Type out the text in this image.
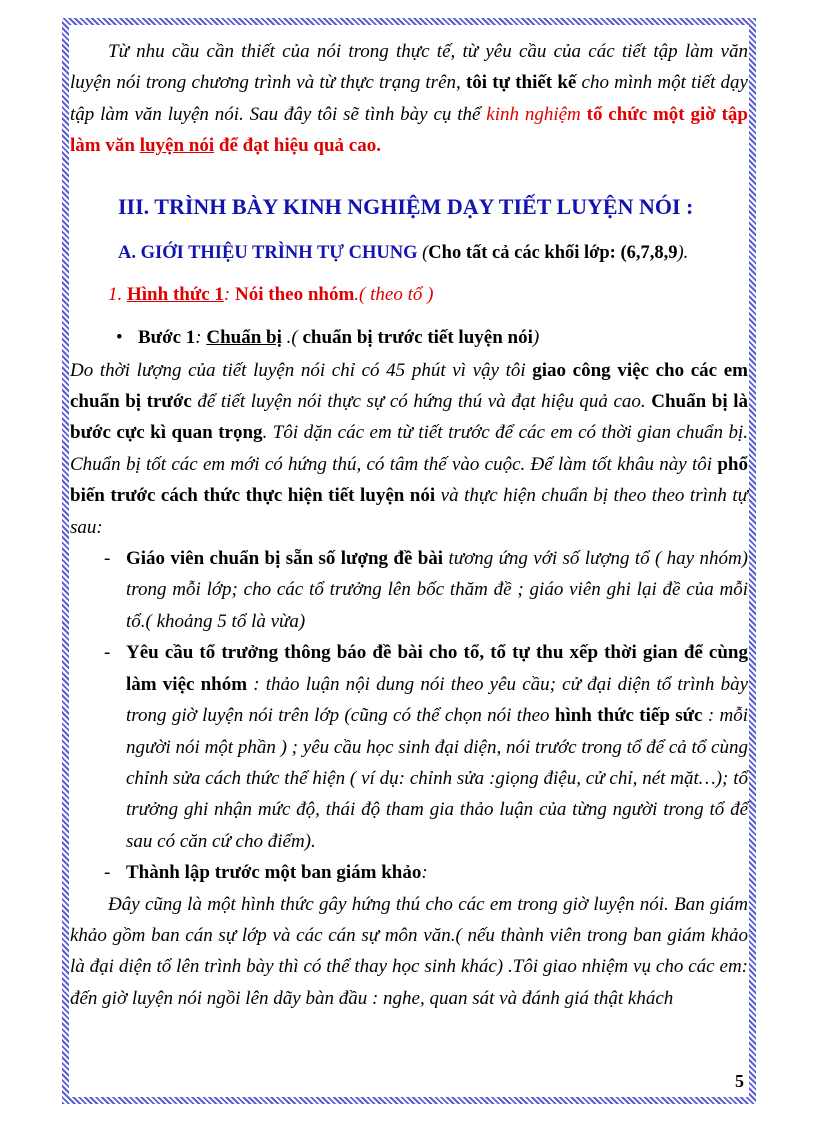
Từ nhu cầu cần thiết của nói trong thực tế, từ yêu cầu của các tiết tập làm văn luyện nói trong chương trình và từ thực trạng trên, tôi tự thiết kế cho mình một tiết dạy tập làm văn luyện nói. Sau đây tôi sẽ tình bày cụ thể kinh nghiệm tổ chức một giờ tập làm văn luyện nói để đạt hiệu quả cao.

III. TRÌNH BÀY KINH NGHIỆM DẠY TIẾT LUYỆN NÓI :
A. GIỚI THIỆU TRÌNH TỰ CHUNG (Cho tất cả các khối lớp: (6,7,8,9).
1. Hình thức 1: Nói theo nhóm.( theo tổ )
• Bước 1: Chuẩn bị .( chuẩn bị trước tiết luyện nói)

Do thời lượng của tiết luyện nói chỉ có 45 phút vì vậy tôi giao công việc cho các em chuẩn bị trước để tiết luyện nói thực sự có hứng thú và đạt hiệu quả cao. Chuẩn bị là bước cực kì quan trọng. Tôi dặn các em từ tiết trước để các em có thời gian chuẩn bị. Chuẩn bị tốt các em mới có hứng thú, có tâm thế vào cuộc. Để làm tốt khâu này tôi phổ biến trước cách thức thực hiện tiết luyện nói và thực hiện chuẩn bị theo theo trình tự sau:

- Giáo viên chuẩn bị sẵn số lượng đề bài tương ứng với số lượng tổ ( hay nhóm) trong mỗi lớp; cho các tổ trưởng lên bốc thăm đề ; giáo viên ghi lại đề của mỗi tổ.( khoảng 5 tổ là vừa)

- Yêu cầu tổ trưởng thông báo đề bài cho tổ, tổ tự thu xếp thời gian để cùng làm việc nhóm : thảo luận nội dung nói theo yêu cầu; cử đại diện tổ trình bày trong giờ luyện nói trên lớp (cũng có thể chọn nói theo hình thức tiếp sức : mỗi người nói một phần ) ; yêu cầu học sinh đại diện, nói trước trong tổ để cả tổ cùng chỉnh sửa cách thức thể hiện ( ví dụ: chỉnh sửa :giọng điệu, cử chỉ, nét mặt…); tổ trưởng ghi nhận mức độ, thái độ tham gia thảo luận của từng người trong tổ để sau có căn cứ cho điểm).

- Thành lập trước một ban giám khảo:

Đây cũng là một hình thức gây hứng thú cho các em trong giờ luyện nói. Ban giám khảo gồm ban cán sự lớp và các cán sự môn văn.( nếu thành viên trong ban giám khảo là đại diện tổ lên trình bày thì có thể thay học sinh khác) .Tôi giao nhiệm vụ cho các em: đến giờ luyện nói ngồi lên dãy bàn đầu : nghe, quan sát và đánh giá thật khách

5
